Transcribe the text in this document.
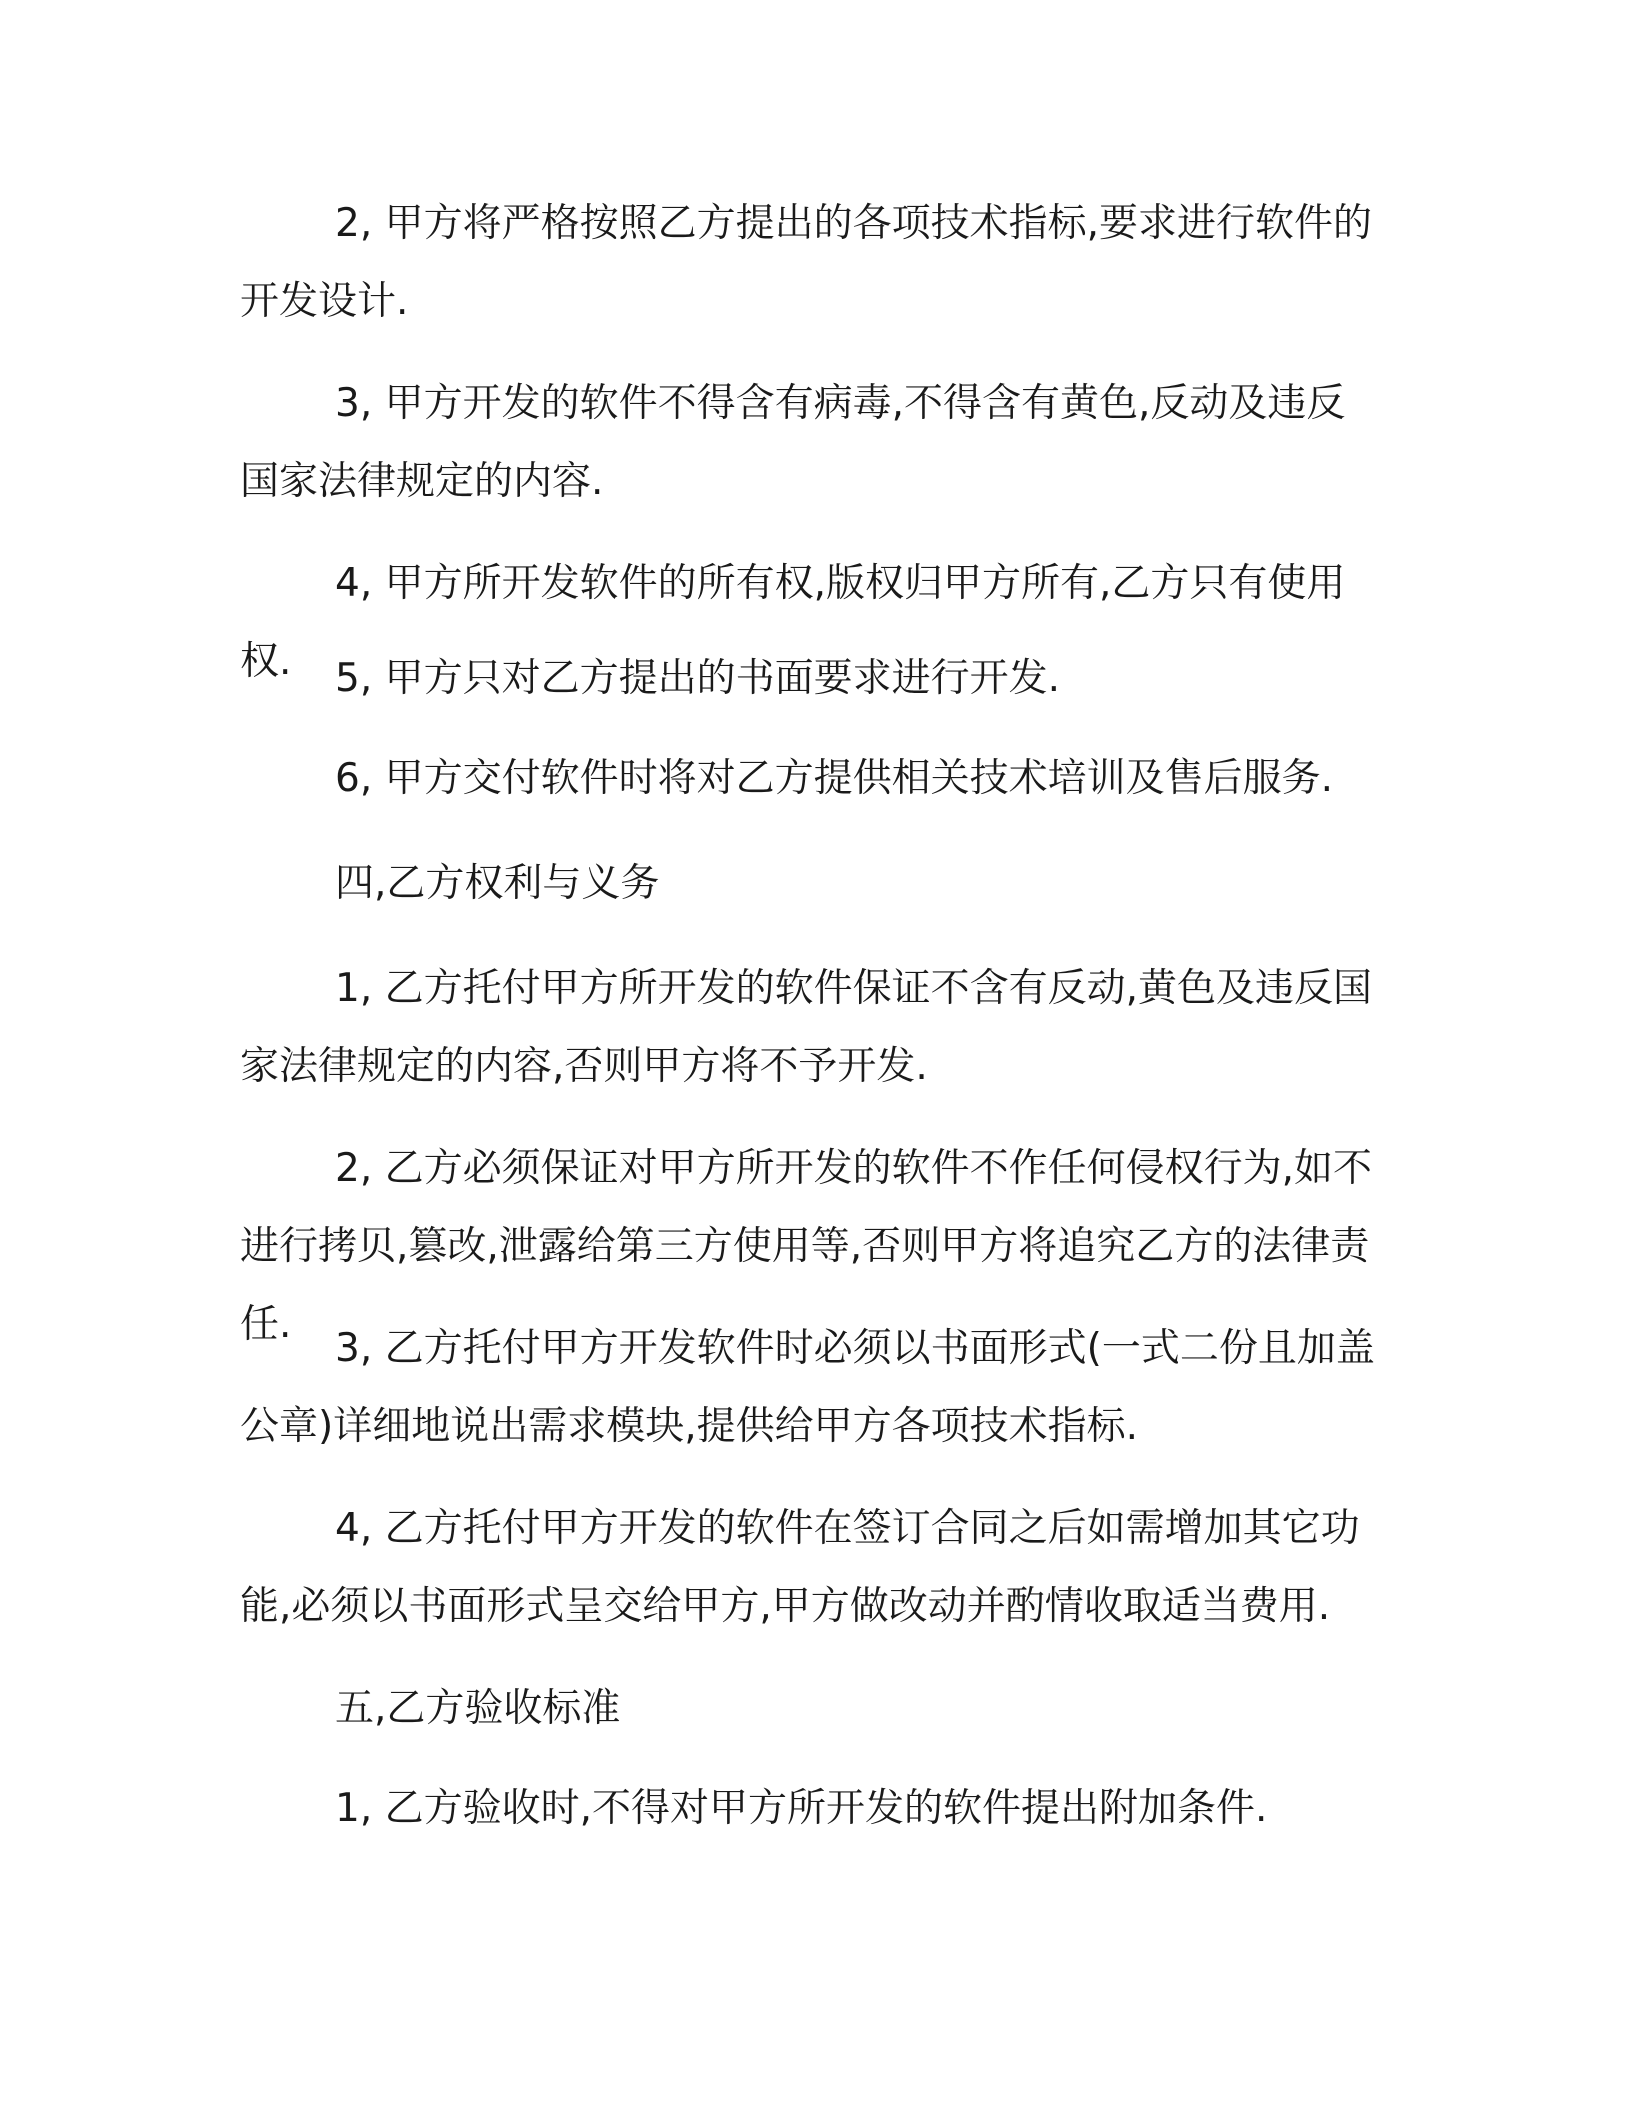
2, 甲方将严格按照乙方提出的各项技术指标,要求进行软件的开发设计.

3, 甲方开发的软件不得含有病毒,不得含有黄色,反动及违反国家法律规定的内容.

4, 甲方所开发软件的所有权,版权归甲方所有,乙方只有使用权.	5, 甲方只对乙方提出的书面要求进行开发.

6, 甲方交付软件时将对乙方提供相关技术培训及售后服务.

四,乙方权利与义务

1, 乙方托付甲方所开发的软件保证不含有反动,黄色及违反国家法律规定的内容,否则甲方将不予开发.

2, 乙方必须保证对甲方所开发的软件不作任何侵权行为,如不进行拷贝,篡改,泄露给第三方使用等,否则甲方将追究乙方的法律责任.

3, 乙方托付甲方开发软件时必须以书面形式(一式二份且加盖公章)详细地说出需求模块,提供给甲方各项技术指标.

4, 乙方托付甲方开发的软件在签订合同之后如需增加其它功能,必须以书面形式呈交给甲方,甲方做改动并酌情收取适当费用.

五,乙方验收标准

1, 乙方验收时,不得对甲方所开发的软件提出附加条件.
